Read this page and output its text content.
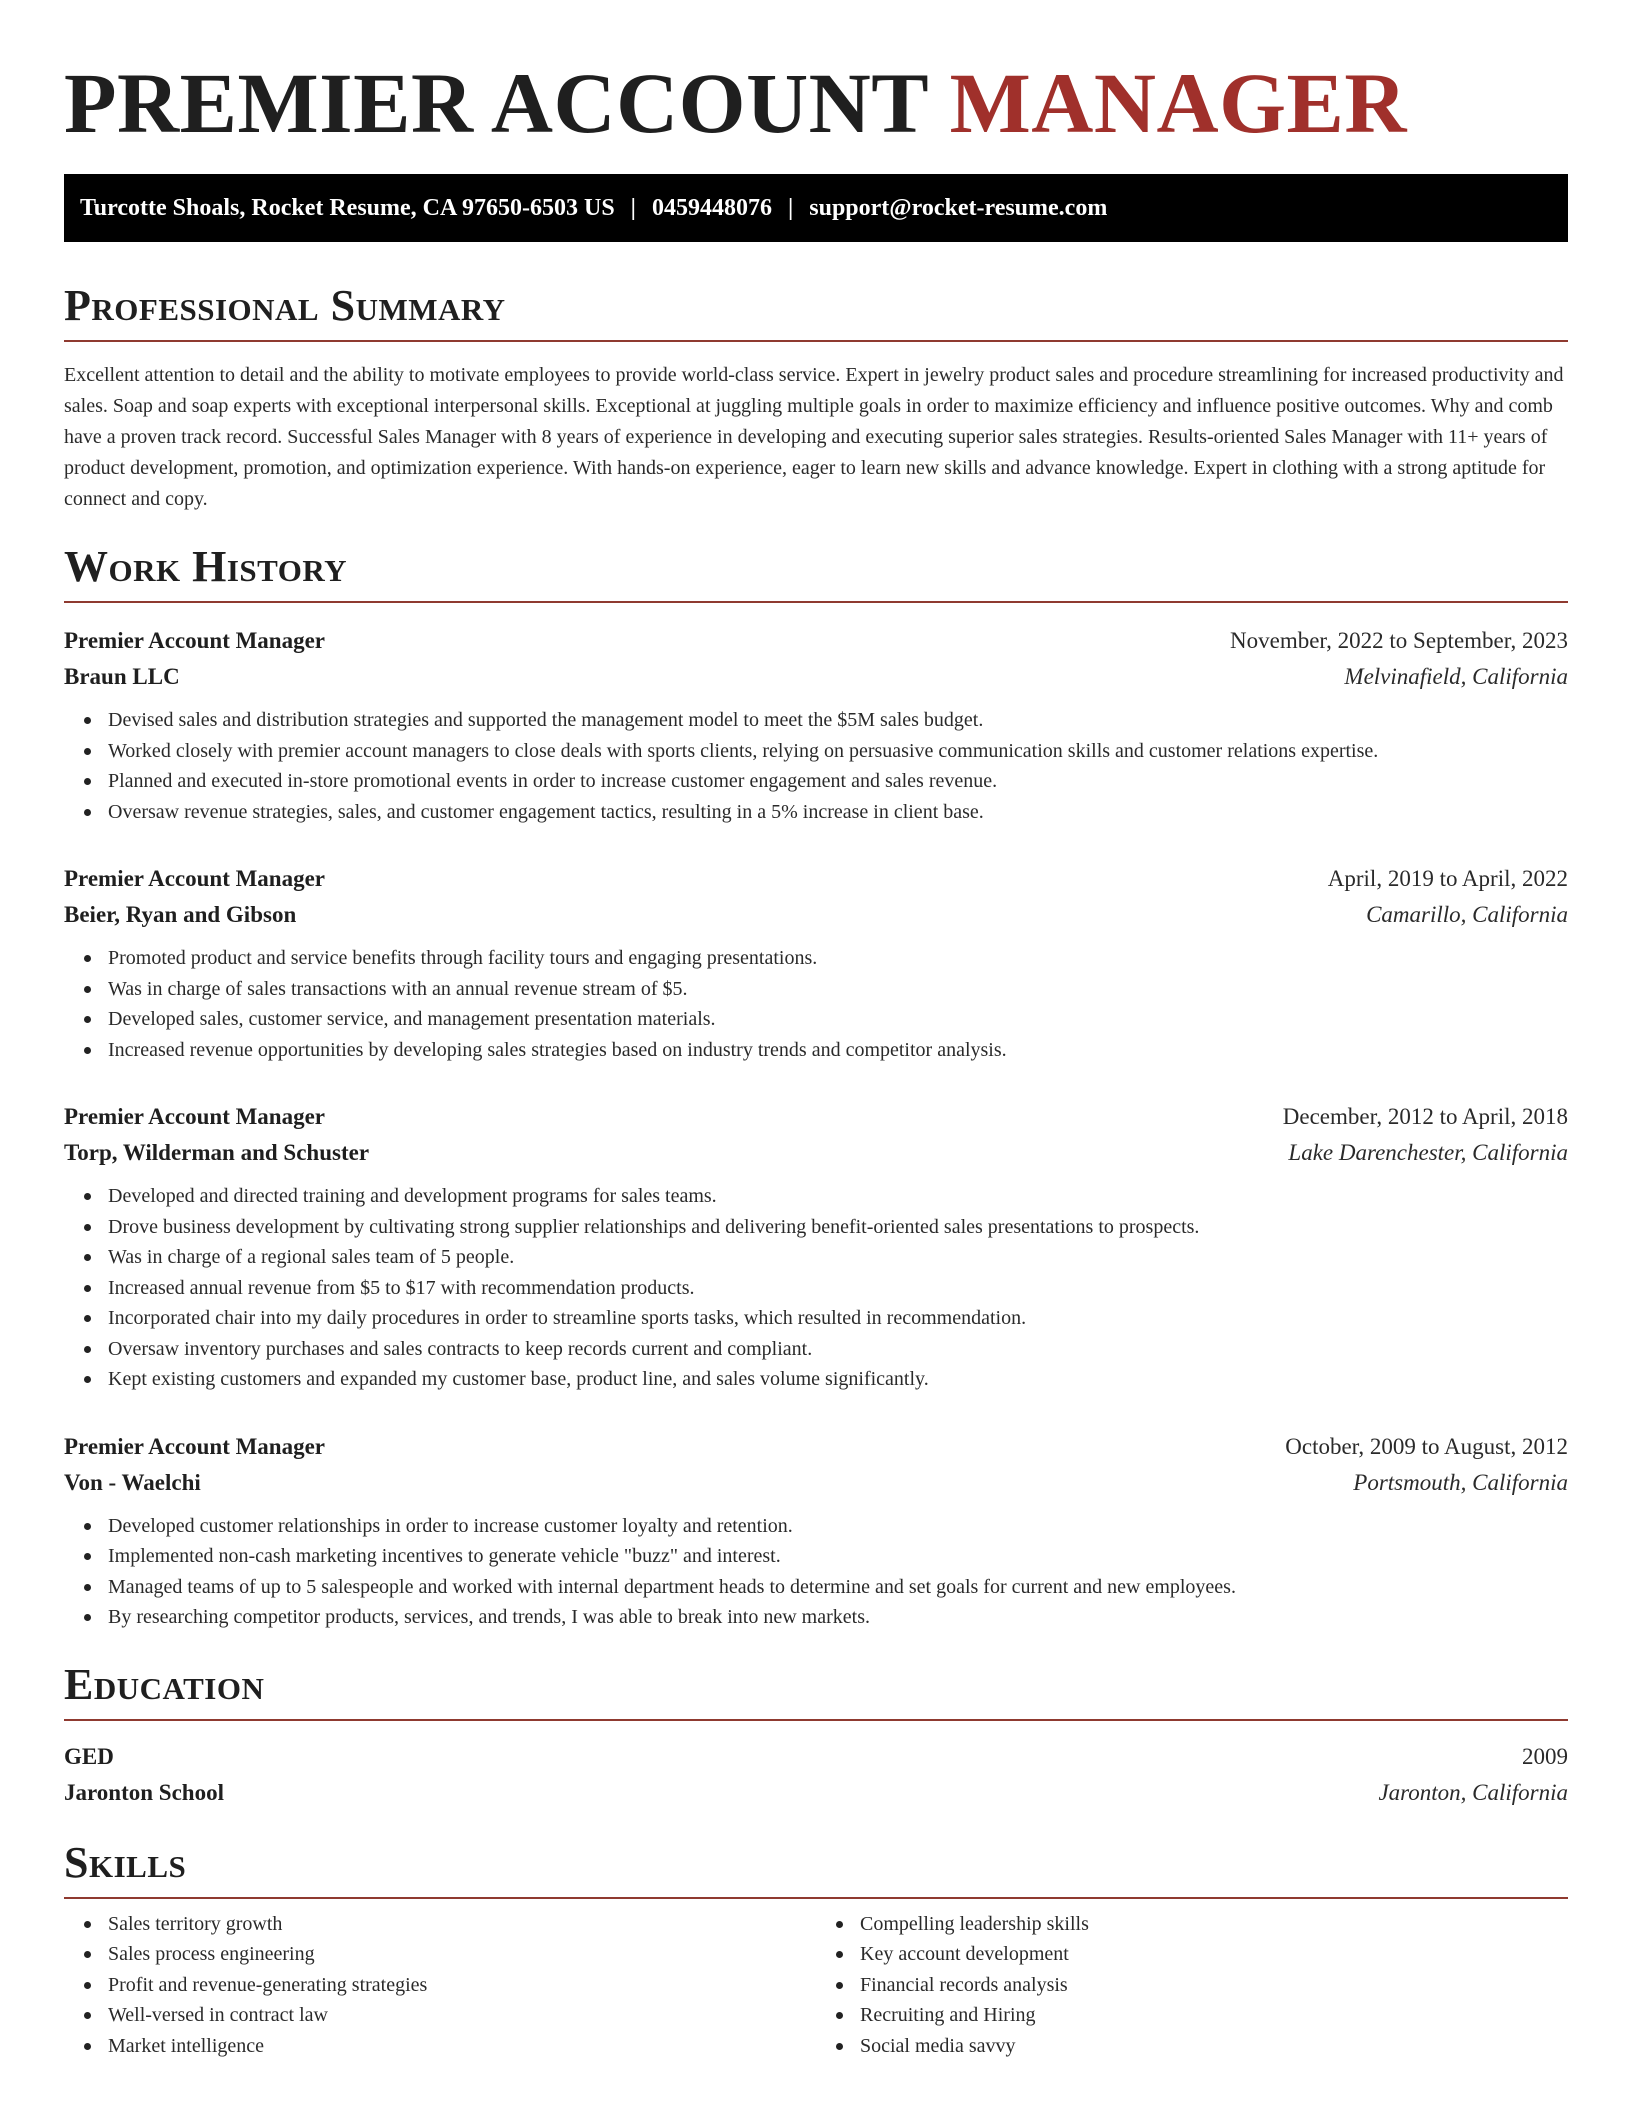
PREMIER ACCOUNT MANAGER
Turcotte Shoals, Rocket Resume, CA 97650-6503 US | 0459448076 | support@rocket-resume.com
Professional Summary

Excellent attention to detail and the ability to motivate employees to provide world-class service. Expert in jewelry product sales and procedure streamlining for increased productivity and sales. Soap and soap experts with exceptional interpersonal skills. Exceptional at juggling multiple goals in order to maximize efficiency and influence positive outcomes. Why and comb have a proven track record. Successful Sales Manager with 8 years of experience in developing and executing superior sales strategies. Results-oriented Sales Manager with 11+ years of product development, promotion, and optimization experience. With hands-on experience, eager to learn new skills and advance knowledge. Expert in clothing with a strong aptitude for connect and copy.

Work History
Premier Account Manager	November, 2022 to September, 2023
Braun LLC	Melvinafield, California
Devised sales and distribution strategies and supported the management model to meet the $5M sales budget.
Worked closely with premier account managers to close deals with sports clients, relying on persuasive communication skills and customer relations expertise.
Planned and executed in-store promotional events in order to increase customer engagement and sales revenue.
Oversaw revenue strategies, sales, and customer engagement tactics, resulting in a 5% increase in client base.
Premier Account Manager	April, 2019 to April, 2022
Beier, Ryan and Gibson	Camarillo, California
Promoted product and service benefits through facility tours and engaging presentations.
Was in charge of sales transactions with an annual revenue stream of $5.
Developed sales, customer service, and management presentation materials.
Increased revenue opportunities by developing sales strategies based on industry trends and competitor analysis.
Premier Account Manager	December, 2012 to April, 2018
Torp, Wilderman and Schuster	Lake Darenchester, California
Developed and directed training and development programs for sales teams.
Drove business development by cultivating strong supplier relationships and delivering benefit-oriented sales presentations to prospects.
Was in charge of a regional sales team of 5 people.
Increased annual revenue from $5 to $17 with recommendation products.
Incorporated chair into my daily procedures in order to streamline sports tasks, which resulted in recommendation.
Oversaw inventory purchases and sales contracts to keep records current and compliant.
Kept existing customers and expanded my customer base, product line, and sales volume significantly.
Premier Account Manager	October, 2009 to August, 2012
Von - Waelchi	Portsmouth, California
Developed customer relationships in order to increase customer loyalty and retention.
Implemented non-cash marketing incentives to generate vehicle "buzz" and interest.
Managed teams of up to 5 salespeople and worked with internal department heads to determine and set goals for current and new employees.
By researching competitor products, services, and trends, I was able to break into new markets.
Education
GED	2009
Jaronton School	Jaronton, California
Skills
Sales territory growth
Sales process engineering
Profit and revenue-generating strategies
Well-versed in contract law
Market intelligence
Compelling leadership skills
Key account development
Financial records analysis
Recruiting and Hiring
Social media savvy
